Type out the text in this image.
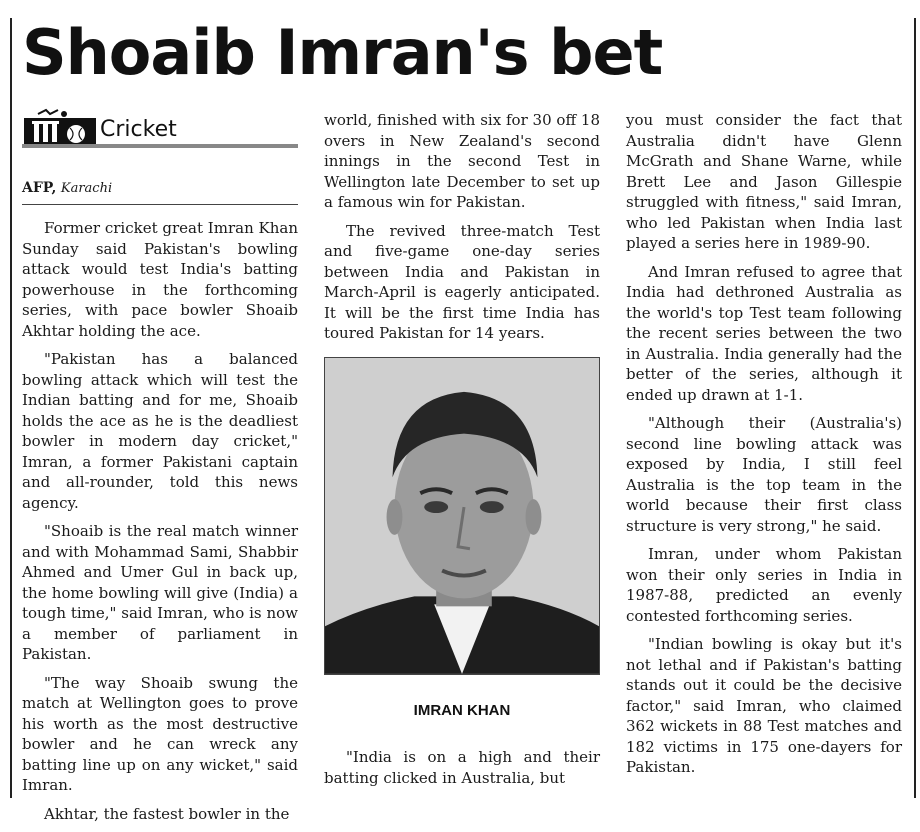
Shoaib Imran's bet
Cricket
AFP, Karachi

Former cricket great Imran Khan Sunday said Pakistan's bowling attack would test India's batting powerhouse in the forthcoming series, with pace bowler Shoaib Akhtar holding the ace.

"Pakistan has a balanced bowling attack which will test the Indian batting and for me, Shoaib holds the ace as he is the deadliest bowler in modern day cricket," Imran, a former Pakistani captain and all-rounder, told this news agency.

"Shoaib is the real match winner and with Mohammad Sami, Shabbir Ahmed and Umer Gul in back up, the home bowling will give (India) a tough time," said Imran, who is now a member of parliament in Pakistan.

"The way Shoaib swung the match at Wellington goes to prove his worth as the most destructive bowler and he can wreck any batting line up on any wicket," said Imran.

Akhtar, the fastest bowler in the

world, finished with six for 30 off 18 overs in New Zealand's second innings in the second Test in Wellington late December to set up a famous win for Pakistan.

The revived three-match Test and five-game one-day series between India and Pakistan in March-April is eagerly anticipated. It will be the first time India has toured Pakistan for 14 years.

IMRAN KHAN

"India is on a high and their batting clicked in Australia, but

you must consider the fact that Australia didn't have Glenn McGrath and Shane Warne, while Brett Lee and Jason Gillespie struggled with fitness," said Imran, who led Pakistan when India last played a series here in 1989-90.

And Imran refused to agree that India had dethroned Australia as the world's top Test team following the recent series between the two in Australia. India generally had the better of the series, although it ended up drawn at 1-1.

"Although their (Australia's) second line bowling attack was exposed by India, I still feel Australia is the top team in the world because their first class structure is very strong," he said.

Imran, under whom Pakistan won their only series in India in 1987-88, predicted an evenly contested forthcoming series.

"Indian bowling is okay but it's not lethal and if Pakistan's batting stands out it could be the decisive factor," said Imran, who claimed 362 wickets in 88 Test matches and 182 victims in 175 one-dayers for Pakistan.
